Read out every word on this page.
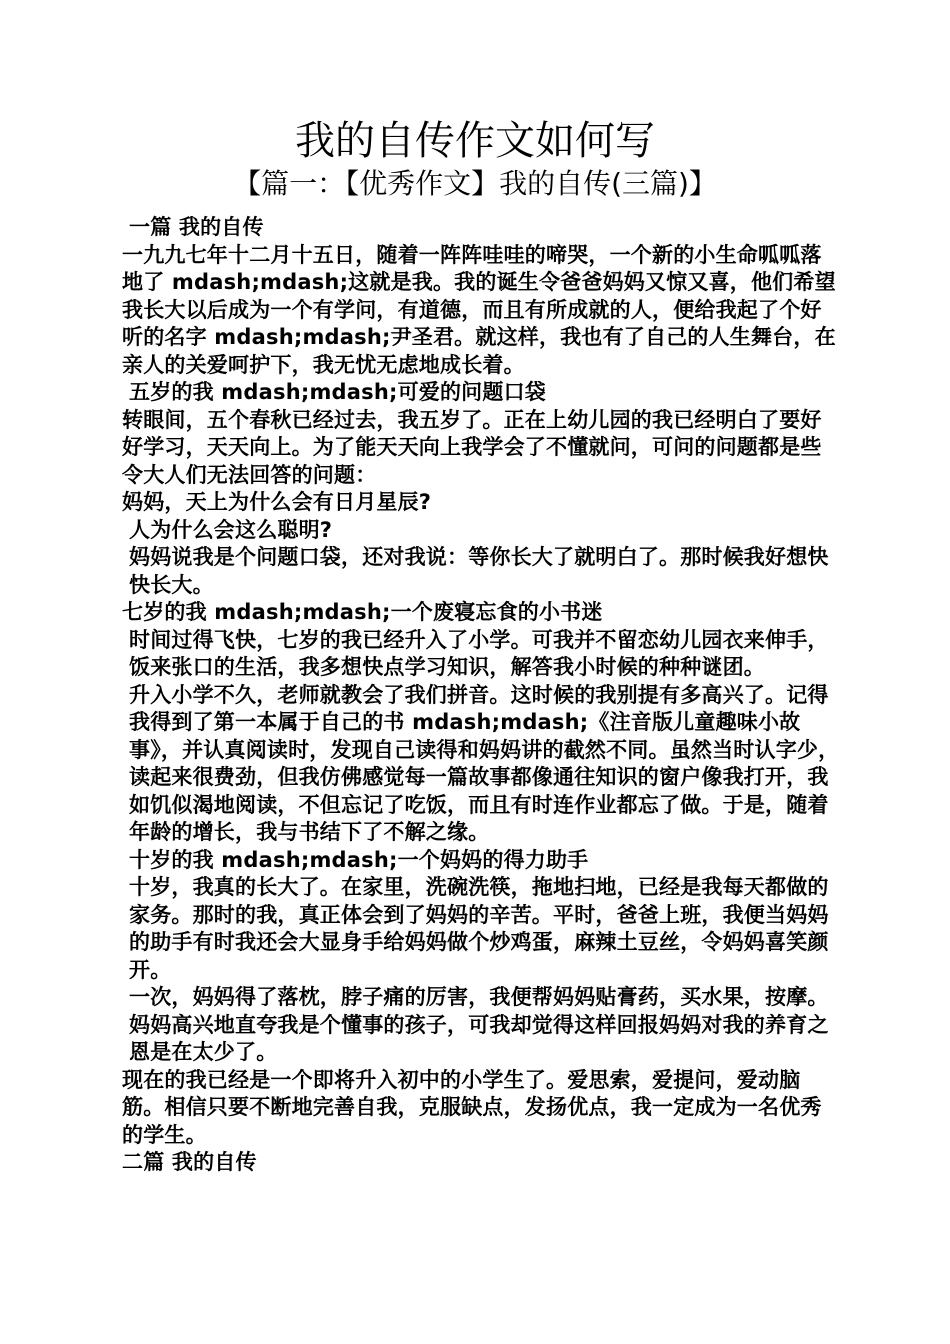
我的自传作文如何写
【篇一：【优秀作文】我的自传(三篇)】

一篇 我的自传

一九九七年十二月十五日，随着一阵阵哇哇的啼哭，一个新的小生命呱呱落地了 mdash;mdash;这就是我。我的诞生令爸爸妈妈又惊又喜，他们希望我长大以后成为一个有学问，有道德，而且有所成就的人，便给我起了个好听的名字 mdash;mdash;尹圣君。就这样，我也有了自己的人生舞台，在亲人的关爱呵护下，我无忧无虑地成长着。

五岁的我 mdash;mdash;可爱的问题口袋

转眼间，五个春秋已经过去，我五岁了。正在上幼儿园的我已经明白了要好好学习，天天向上。为了能天天向上我学会了不懂就问，可问的问题都是些令大人们无法回答的问题：

妈妈，天上为什么会有日月星辰?

人为什么会这么聪明?

妈妈说我是个问题口袋，还对我说：等你长大了就明白了。那时候我好想快快长大。

七岁的我 mdash;mdash;一个废寝忘食的小书迷

时间过得飞快，七岁的我已经升入了小学。可我并不留恋幼儿园衣来伸手，饭来张口的生活，我多想快点学习知识，解答我小时候的种种谜团。

升入小学不久，老师就教会了我们拼音。这时候的我别提有多高兴了。记得我得到了第一本属于自己的书 mdash;mdash;《注音版儿童趣味小故事》，并认真阅读时，发现自己读得和妈妈讲的截然不同。虽然当时认字少，读起来很费劲，但我仿佛感觉每一篇故事都像通往知识的窗户像我打开，我如饥似渴地阅读，不但忘记了吃饭，而且有时连作业都忘了做。于是，随着年龄的增长，我与书结下了不解之缘。

十岁的我 mdash;mdash;一个妈妈的得力助手

十岁，我真的长大了。在家里，洗碗洗筷，拖地扫地，已经是我每天都做的家务。那时的我，真正体会到了妈妈的辛苦。平时，爸爸上班，我便当妈妈的助手有时我还会大显身手给妈妈做个炒鸡蛋，麻辣土豆丝，令妈妈喜笑颜开。

一次，妈妈得了落枕，脖子痛的厉害，我便帮妈妈贴膏药，买水果，按摩。妈妈高兴地直夸我是个懂事的孩子，可我却觉得这样回报妈妈对我的养育之恩是在太少了。

现在的我已经是一个即将升入初中的小学生了。爱思索，爱提问，爱动脑筋。相信只要不断地完善自我，克服缺点，发扬优点，我一定成为一名优秀的学生。

二篇 我的自传
